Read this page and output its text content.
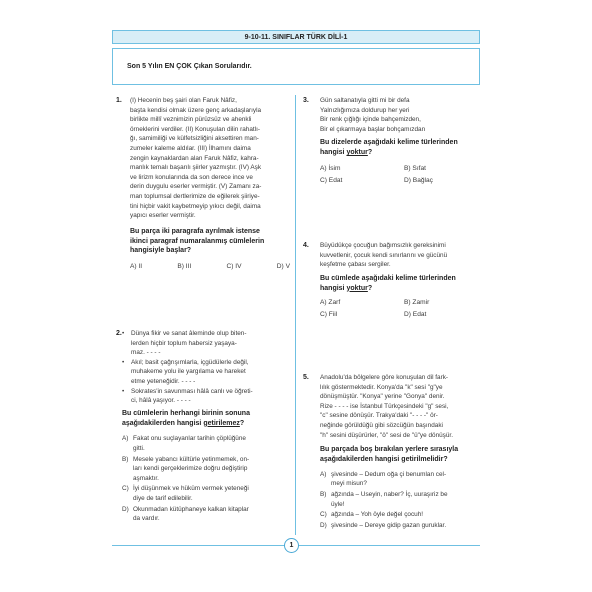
9-10-11. SINIFLAR TÜRK DİLİ-1
Son 5 Yılın EN ÇOK Çıkan Sorularıdır.
1
1. (I) Hecenin beş şairi olan Faruk Nâfiz,
başta kendisi olmak üzere genç arkadaşlarıyla
birlikte millî veznimizin pürüzsüz ve ahenkli
örneklerini verdiler. (II) Konuşulan dilin rahatlı-
ğı, samimiliği ve külfetsizliğini aksettiren man-
zumeler kaleme aldılar. (III) İlhamını daima
zengin kaynaklardan alan Faruk Nâfiz, kahra-
manlık temalı başarılı şiirler yazmıştır. (IV) Aşk
ve lirizm konularında da son derece ince ve
derin duygulu eserler vermiştir. (V) Zamanı za-
man toplumsal dertlerimize de eğilerek şiiriye-
tini hiçbir vakit kaybetmeyip yıkıcı değil, daima
yapıcı eserler vermiştir.
Bu parça iki paragrafa ayrılmak istense
ikinci paragraf numaralanmış cümlelerin
hangisiyle başlar?
A) II	B) III	C) IV	D) V
2. •	Dünya fikir ve sanat âleminde olup biten-
lerden hiçbir toplum habersiz yaşaya-
maz. - - - -
•	Akıl; basit çağrışımlarla, içgüdülerle değil,
muhakeme yolu ile yargılama ve hareket
etme yeteneğidir. - - - -
•	Sokrates'in savunması hâlâ canlı ve öğreti-
ci, hâlâ yaşıyor. - - - -
Bu cümlelerin herhangi birinin sonuna
aşağıdakilerden hangisi getirilemez?
A) Fakat onu suçlayanlar tarihin çöplüğüne
gitti.
B) Mesele yabancı kültürle yetinmemek, on-
ları kendi gerçeklerimize doğru değiştirip
aşmaktır.
C) İyi düşünmek ve hüküm vermek yeteneği
diye de tarif edilebilir.
D) Okunmadan kütüphaneye kalkan kitaplar
da vardır.
3. Gün saltanatıyla gitti mi bir defa
Yalnızlığımıza doldurup her yeri
Bir renk çığlığı içinde bahçemizden,
Bir el çıkarmaya başlar bohçamızdan
Bu dizelerde aşağıdaki kelime türlerinden
hangisi yoktur?
A) İsim	B) Sıfat
C) Edat	D) Bağlaç
4. Büyüdükçe çocuğun bağımsızlık gereksinimi
kuvvetlenir, çocuk kendi sınırlarını ve gücünü
keşfetme çabası sergiler.
Bu cümlede aşağıdaki kelime türlerinden
hangisi yoktur?
A) Zarf	B) Zamir
C) Fiil	D) Edat
5. Anadolu'da bölgelere göre konuşulan dil fark-
lılık göstermektedir. Konya'da "k" sesi "g"ye
dönüşmüştür. "Konya" yerine "Gonya" denir.
Rize - - - - ise İstanbul Türkçesindeki "g" sesi,
"c" sesine dönüşür. Trakya'daki "- - - -" ör-
neğinde görüldüğü gibi sözcüğün başındaki
"h" sesini düşürürler, "ö" sesi de "ü"ye dönüşür.
Bu parçada boş bırakılan yerlere sırasıyla
aşağıdakilerden hangisi getirilmelidir?
A) şivesinde – Dedum oğa çi benumlan cel-
meyi misun?
B) ağzında – Useyin, naber? İç, uuraşıriz be
üyle!
C) ağzında – Yoh öyle değel çocuh!
D) şivesinde – Dereye gidip gazan guruklar.
